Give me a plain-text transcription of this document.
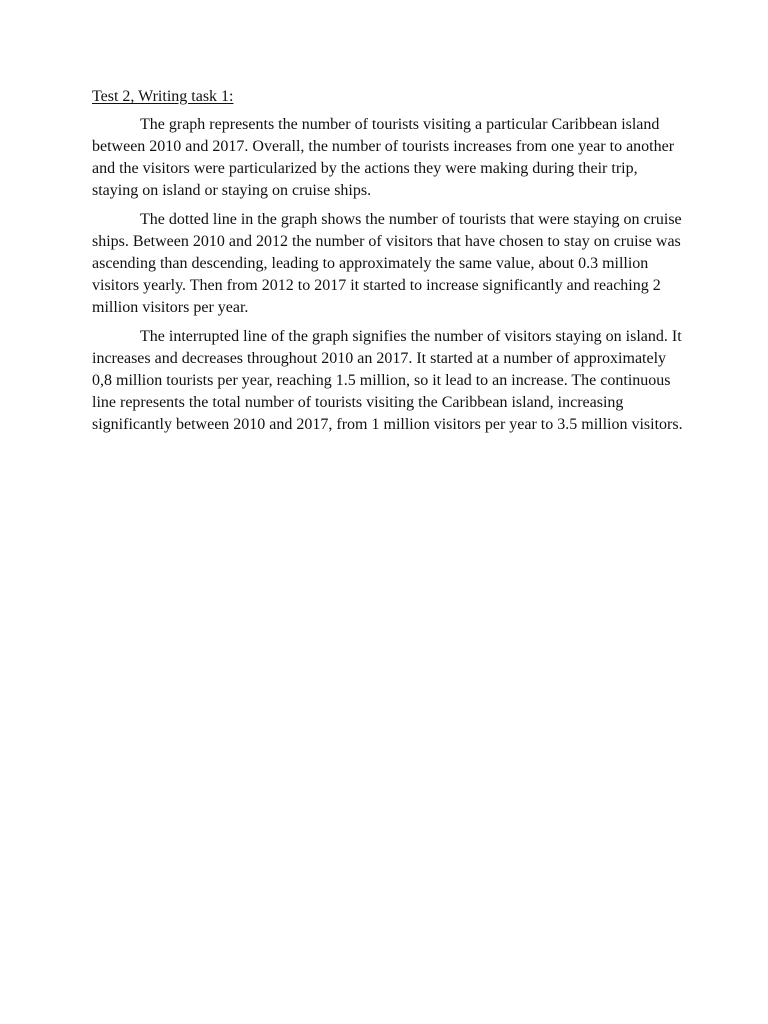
Test 2, Writing task 1:

The graph represents the number of tourists visiting a particular Caribbean island between 2010 and 2017. Overall, the number of tourists increases from one year to another and the visitors were particularized by the actions they were making during their trip, staying on island or staying on cruise ships.

The dotted line in the graph shows the number of tourists that were staying on cruise ships. Between 2010 and 2012 the number of visitors that have chosen to stay on cruise was ascending than descending, leading to approximately the same value, about 0.3 million visitors yearly. Then from 2012 to 2017 it started to increase significantly and reaching 2 million visitors per year.

The interrupted line of the graph signifies the number of visitors staying on island. It increases and decreases throughout 2010 an 2017. It started at a number of approximately 0,8 million tourists per year, reaching 1.5 million, so it lead to an increase. The continuous line represents the total number of tourists visiting the Caribbean island, increasing significantly between 2010 and 2017, from 1 million visitors per year to 3.5 million visitors.
